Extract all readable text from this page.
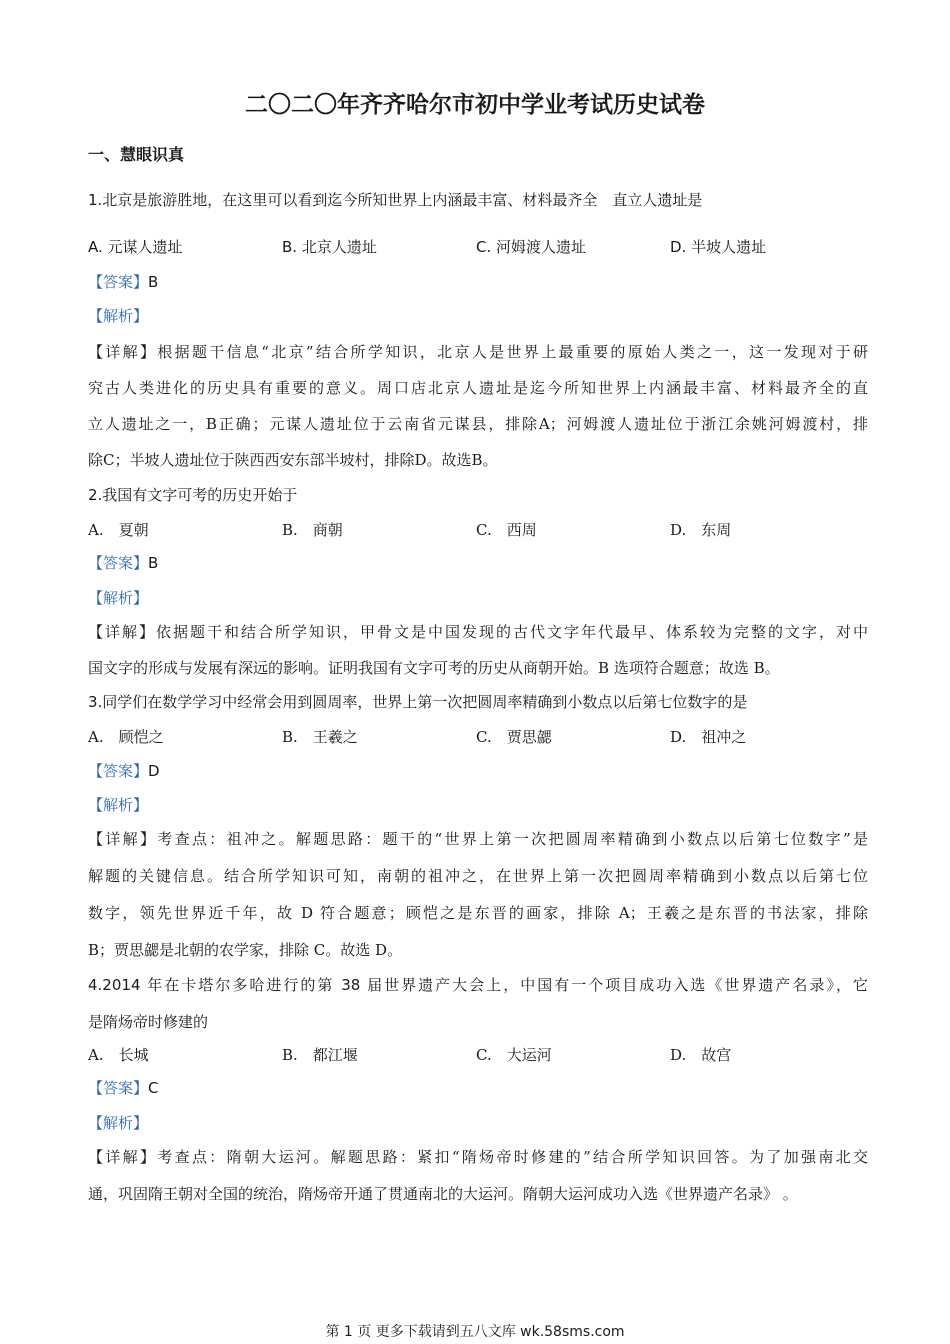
二〇二〇年齐齐哈尔市初中学业考试历史试卷
一、慧眼识真
1.北京是旅游胜地，在这里可以看到迄今所知世界上内涵最丰富、材料最齐全　直立人遗址是
A. 元谋人遗址	B. 北京人遗址	C. 河姆渡人遗址	D. 半坡人遗址
【答案】B
【解析】
【详解】根据题干信息“北京”结合所学知识，北京人是世界上最重要的原始人类之一，这一发现对于研
究古人类进化的历史具有重要的意义。周口店北京人遗址是迄今所知世界上内涵最丰富、材料最齐全的直
立人遗址之一，B正确；元谋人遗址位于云南省元谋县，排除A；河姆渡人遗址位于浙江余姚河姆渡村，排
除C；半坡人遗址位于陕西西安东部半坡村，排除D。故选B。
2.我国有文字可考的历史开始于
A.　夏朝	B.　商朝	C.　西周	D.　东周
【答案】B
【解析】
【详解】依据题干和结合所学知识，甲骨文是中国发现的古代文字年代最早、体系较为完整的文字，对中
国文字的形成与发展有深远的影响。证明我国有文字可考的历史从商朝开始。B 选项符合题意；故选 B。
3.同学们在数学学习中经常会用到圆周率，世界上第一次把圆周率精确到小数点以后第七位数字的是
A.　顾恺之	B.　王羲之	C.　贾思勰	D.　祖冲之
【答案】D
【解析】
【详解】考查点：祖冲之。解题思路：题干的“世界上第一次把圆周率精确到小数点以后第七位数字”是
解题的关键信息。结合所学知识可知，南朝的祖冲之，在世界上第一次把圆周率精确到小数点以后第七位
数字，领先世界近千年，故 D 符合题意；顾恺之是东晋的画家，排除 A；王羲之是东晋的书法家，排除
B；贾思勰是北朝的农学家，排除 C。故选 D。
4.2014 年在卡塔尔多哈进行的第 38 届世界遗产大会上，中国有一个项目成功入选《世界遗产名录》，它
是隋炀帝时修建的
A.　长城	B.　都江堰	C.　大运河	D.　故宫
【答案】C
【解析】
【详解】考查点：隋朝大运河。解题思路：紧扣“隋炀帝时修建的”结合所学知识回答。为了加强南北交
通，巩固隋王朝对全国的统治，隋炀帝开通了贯通南北的大运河。隋朝大运河成功入选《世界遗产名录》 。
第 1 页 更多下载请到五八文库 wk.58sms.com
